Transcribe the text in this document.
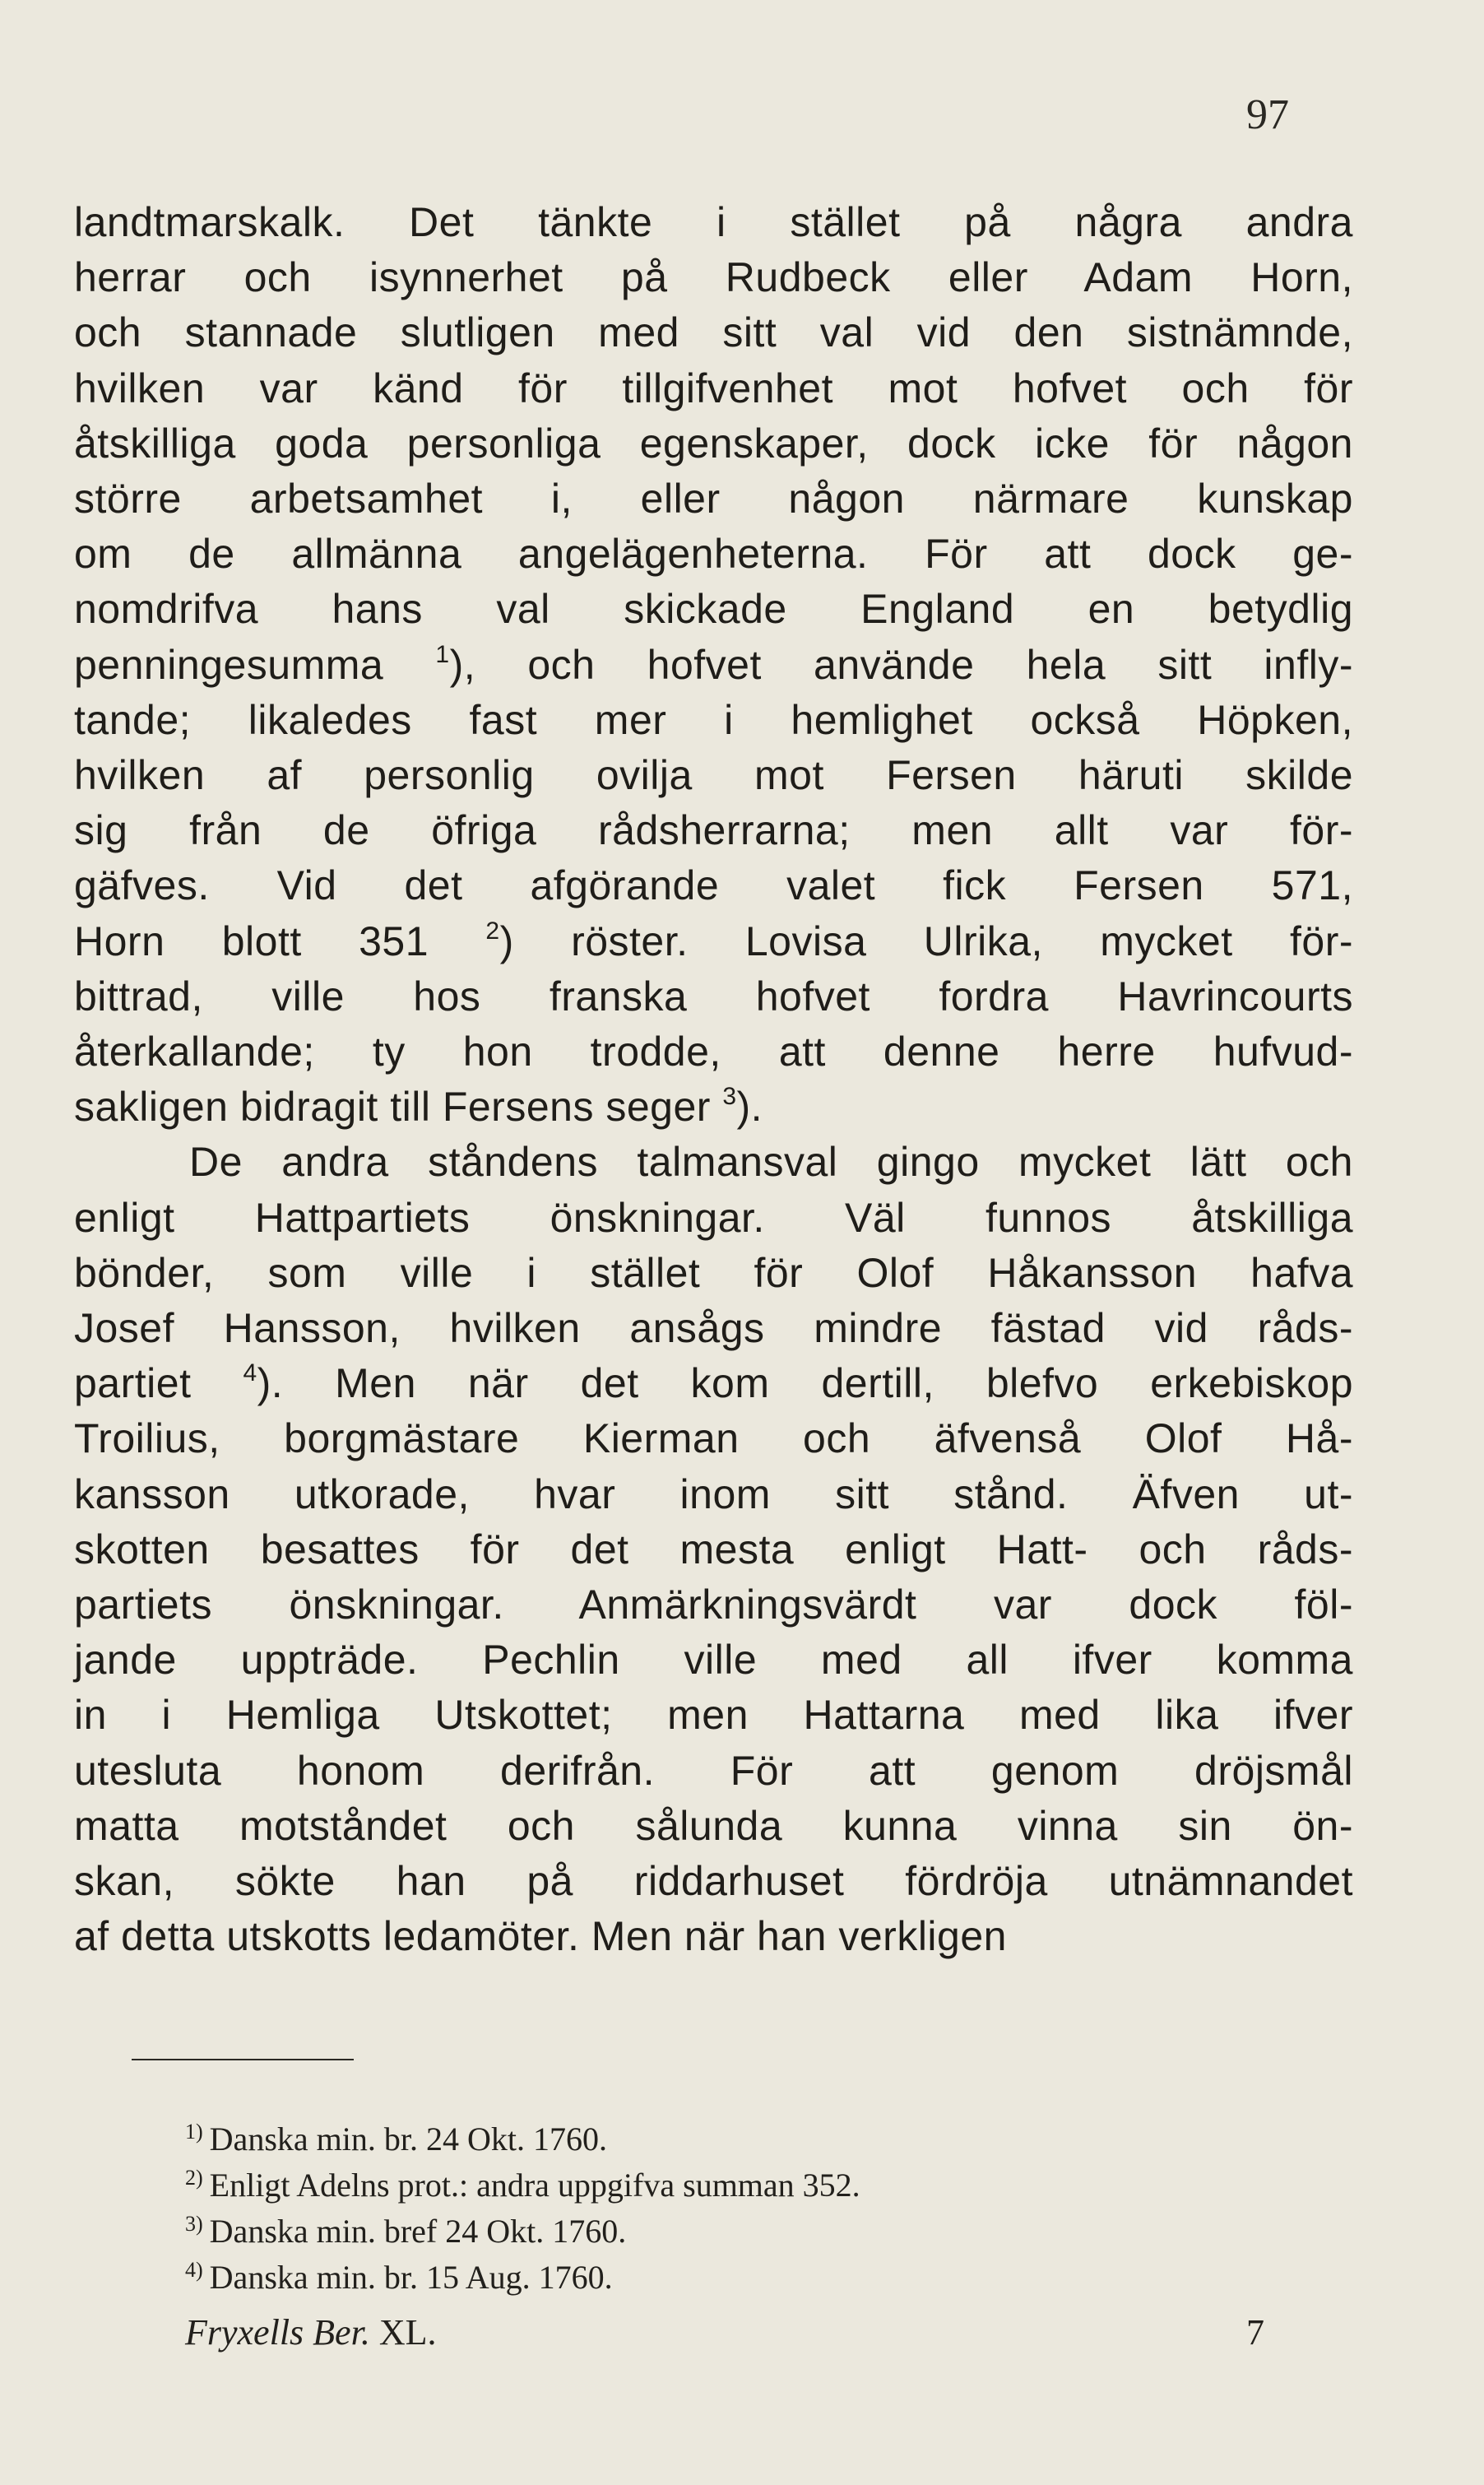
97
landtmarskalk. Det tänkte i stället på några andra
herrar och isynnerhet på Rudbeck eller Adam Horn,
och stannade slutligen med sitt val vid den sistnämnde,
hvilken var känd för tillgifvenhet mot hofvet och för
åtskilliga goda personliga egenskaper, dock icke för någon
större arbetsamhet i, eller någon närmare kunskap
om de allmänna angelägenheterna. För att dock ge-
nomdrifva hans val skickade England en betydlig
penningesumma $^1$), och hofvet använde hela sitt infly-
tande; likaledes fast mer i hemlighet också Höpken,
hvilken af personlig ovilja mot Fersen häruti skilde
sig från de öfriga rådsherrarna; men allt var för-
gäfves. Vid det afgörande valet fick Fersen 571,
Horn blott 351 $^2$) röster. Lovisa Ulrika, mycket för-
bittrad, ville hos franska hofvet fordra Havrincourts
återkallande; ty hon trodde, att denne herre hufvud-
sakligen bidragit till Fersens seger $^3$).
De andra ståndens talmansval gingo mycket lätt och
enligt Hattpartiets önskningar. Väl funnos åtskilliga
bönder, som ville i stället för Olof Håkansson hafva
Josef Hansson, hvilken ansågs mindre fästad vid råds-
partiet $^4$). Men när det kom dertill, blefvo erkebiskop
Troilius, borgmästare Kierman och äfvenså Olof Hå-
kansson utkorade, hvar inom sitt stånd. Äfven ut-
skotten besattes för det mesta enligt Hatt- och råds-
partiets önskningar. Anmärkningsvärdt var dock föl-
jande uppträde. Pechlin ville med all ifver komma
in i Hemliga Utskottet; men Hattarna med lika ifver
utesluta honom derifrån. För att genom dröjsmål
matta motståndet och sålunda kunna vinna sin ön-
skan, sökte han på riddarhuset fördröja utnämnandet
af detta utskotts ledamöter. Men när han verkligen
$^{1)}$ Danska min. br. 24 Okt. 1760.
$^{2)}$ Enligt Adelns prot.: andra uppgifva summan 352.
$^{3)}$ Danska min. bref 24 Okt. 1760.
$^{4)}$ Danska min. br. 15 Aug. 1760.
Fryxells Ber. XL.	7
